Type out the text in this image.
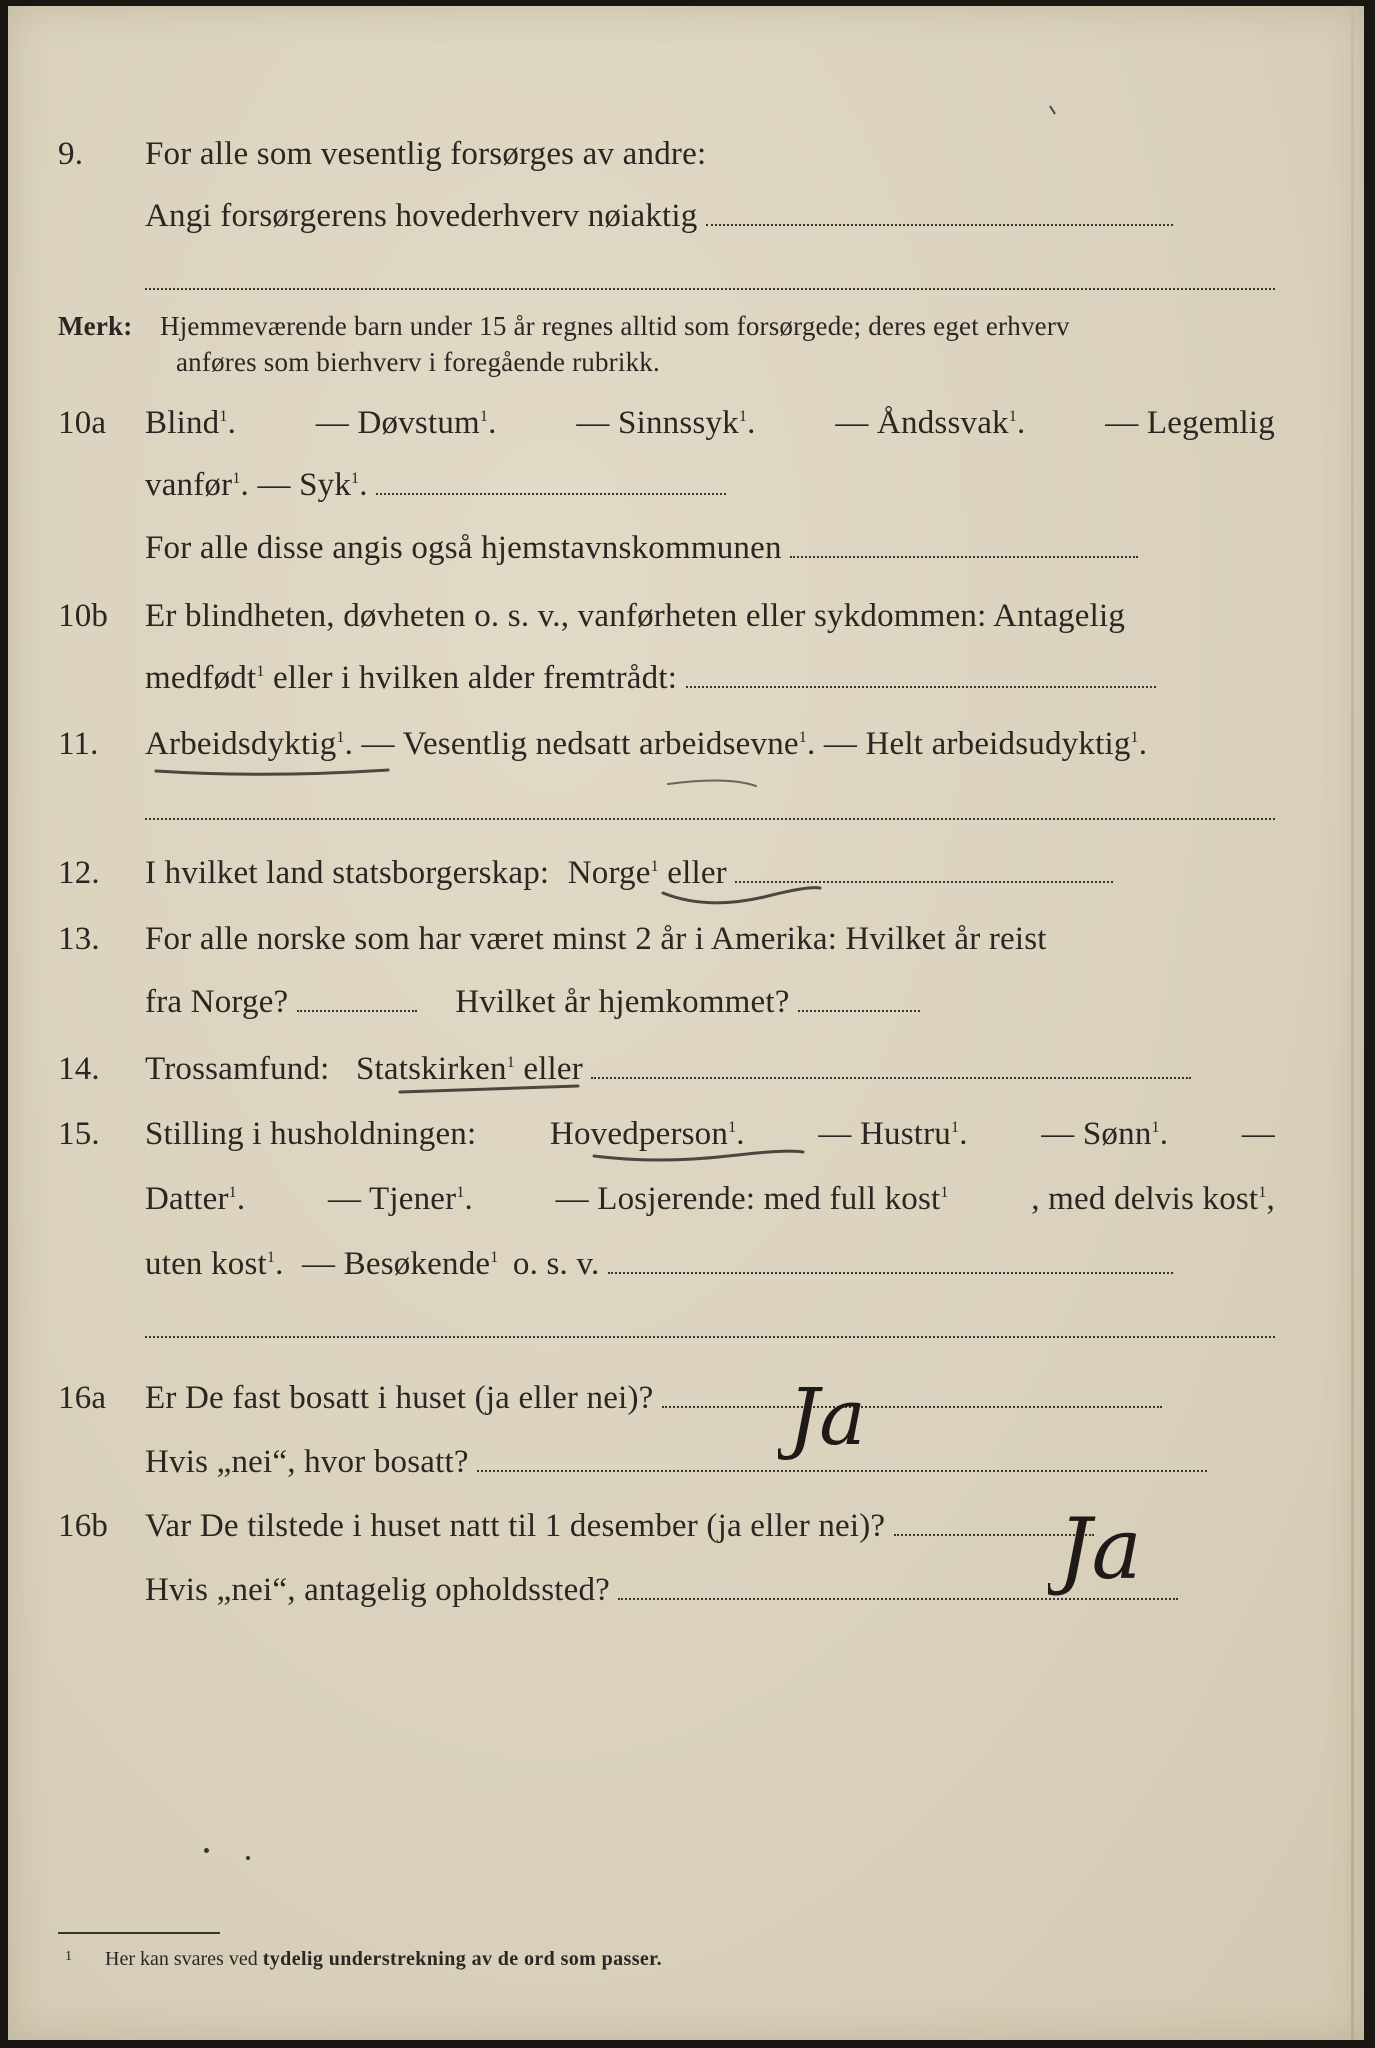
9. For alle som vesentlig forsørges av andre:
Angi forsørgerens hovederhverv nøiaktig
Merk: Hjemmeværende barn under 15 år regnes alltid som forsørgede; deres eget erhverv
anføres som bierhverv i foregående rubrikk.
10a Blind$^1$. — Døvstum$^1$. — Sinnssyk$^1$. — Åndssvak$^1$. — Legemlig
vanfør$^1$. — Syk$^1$.
For alle disse angis også hjemstavnskommunen
10b Er blindheten, døvheten o. s. v., vanførheten eller sykdommen: Antagelig
medfødt$^1$ eller i hvilken alder fremtrådt:
11. Arbeidsdyktig$^1$. — Vesentlig nedsatt arbeidsevne$^1$. — Helt arbeidsudyktig$^1$.
12. I hvilket land statsborgerskap: Norge$^1$ eller
13. For alle norske som har været minst 2 år i Amerika: Hvilket år reist
fra Norge?	Hvilket år hjemkommet?
14. Trossamfund: Statskirken$^1$ eller
15. Stilling i husholdningen: Hovedperson$^1$. — Hustru$^1$. — Sønn$^1$. —
Datter$^1$.	— Tjener$^1$.	— Losjerende: med full kost$^1$	, med delvis kost$^1$,
uten kost$^1$. — Besøkende$^1$ o. s. v.
16a Er De fast bosatt i huset (ja eller nei)?
Hvis „nei“, hvor bosatt?
16b Var De tilstede i huset natt til 1 desember (ja eller nei)?
Hvis „nei“, antagelig opholdssted?
Ja
Ja
1 Her kan svares ved tydelig understrekning av de ord som passer.
